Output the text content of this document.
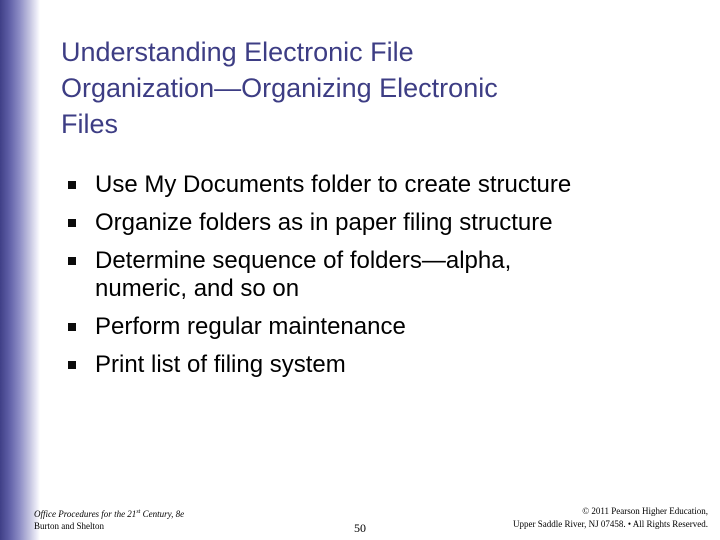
Understanding Electronic File
Organization—Organizing Electronic
Files
Use My Documents folder to create structure
Organize folders as in paper filing structure
Determine sequence of folders—alpha,
numeric, and so on
Perform regular maintenance
Print list of filing system
Office Procedures for the 21st Century, 8e
Burton and Shelton	50
© 2011 Pearson Higher Education,
Upper Saddle River, NJ 07458. • All Rights Reserved.
